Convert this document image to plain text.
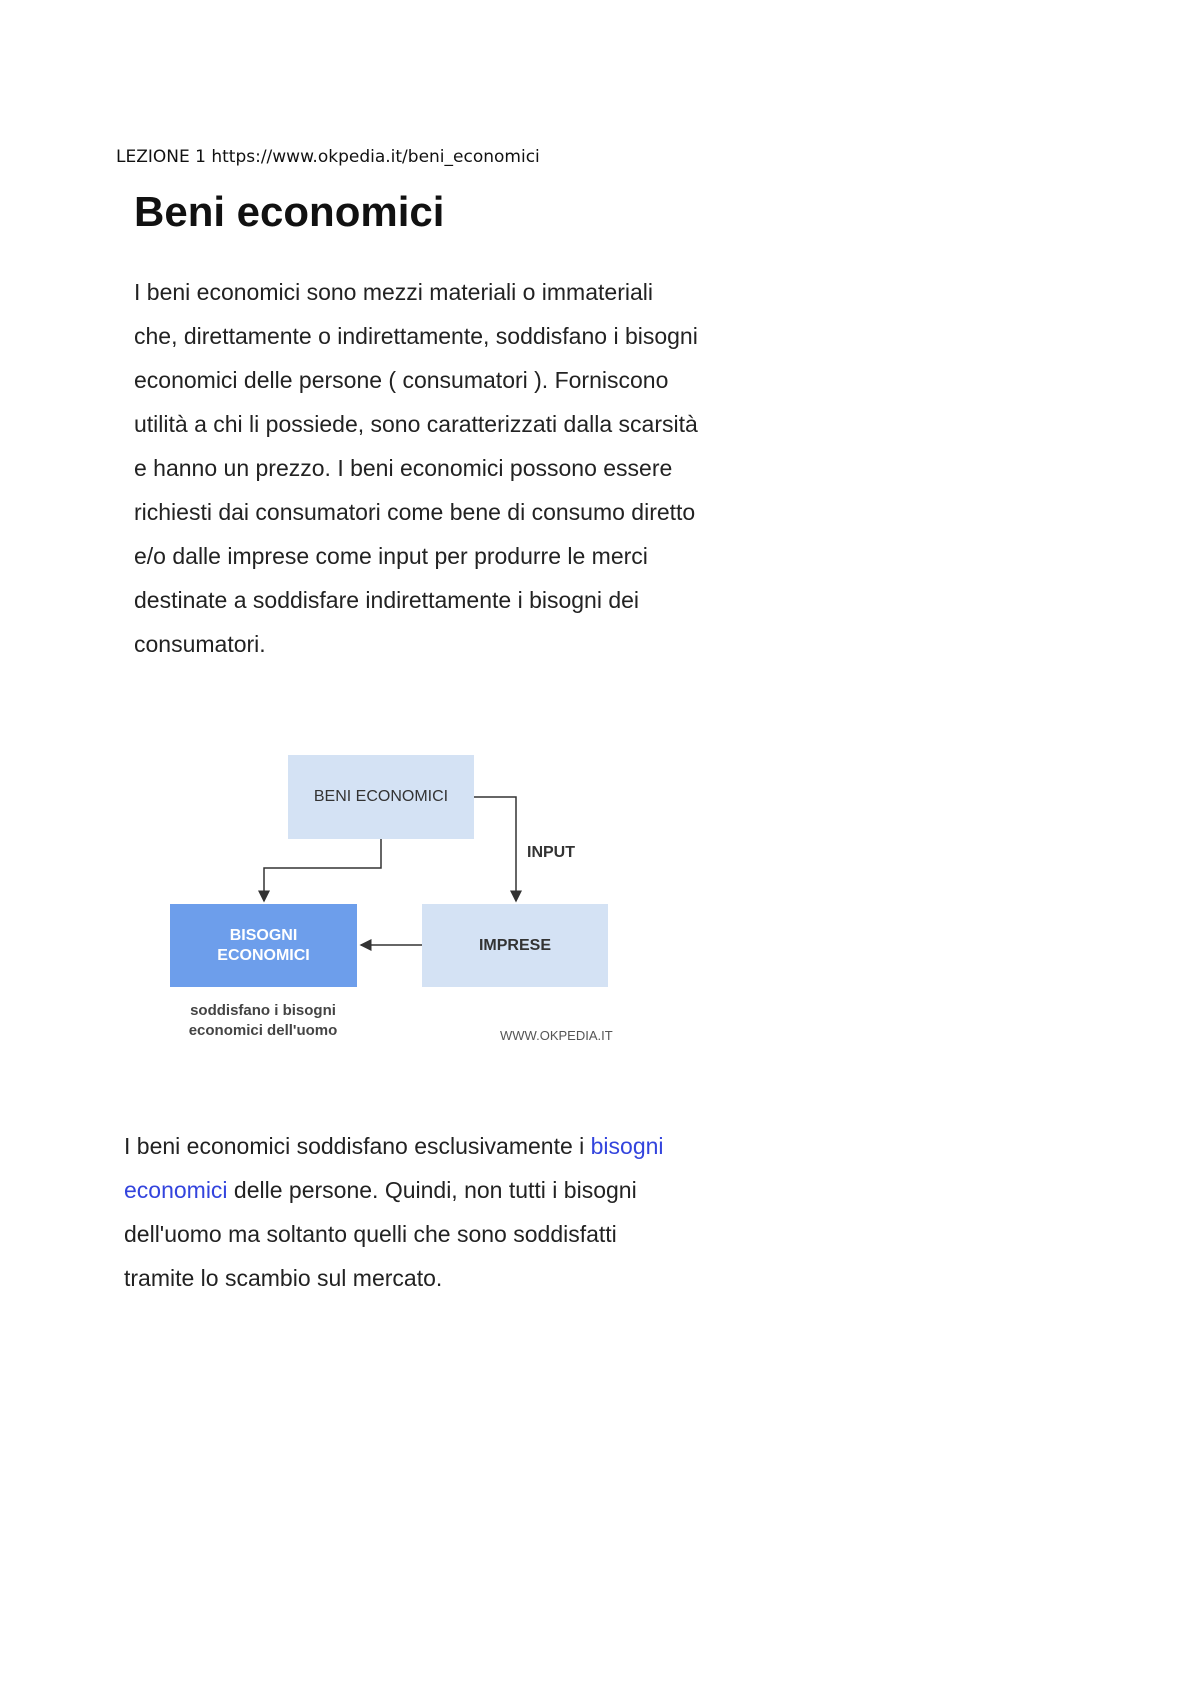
LEZIONE 1 https://www.okpedia.it/beni_economici
Beni economici
I beni economici sono mezzi materiali o immateriali
che, direttamente o indirettamente, soddisfano i bisogni
economici delle persone ( consumatori ). Forniscono
utilità a chi li possiede, sono caratterizzati dalla scarsità
e hanno un prezzo. I beni economici possono essere
richiesti dai consumatori come bene di consumo diretto
e/o dalle imprese come input per produrre le merci
destinate a soddisfare indirettamente i bisogni dei
consumatori.
BENI ECONOMICI
INPUT
BISOGNI
ECONOMICI
IMPRESE
soddisfano i bisogni
economici dell'uomo	WWW.OKPEDIA.IT
I beni economici soddisfano esclusivamente i bisogni
economici delle persone. Quindi, non tutti i bisogni
dell'uomo ma soltanto quelli che sono soddisfatti
tramite lo scambio sul mercato.
